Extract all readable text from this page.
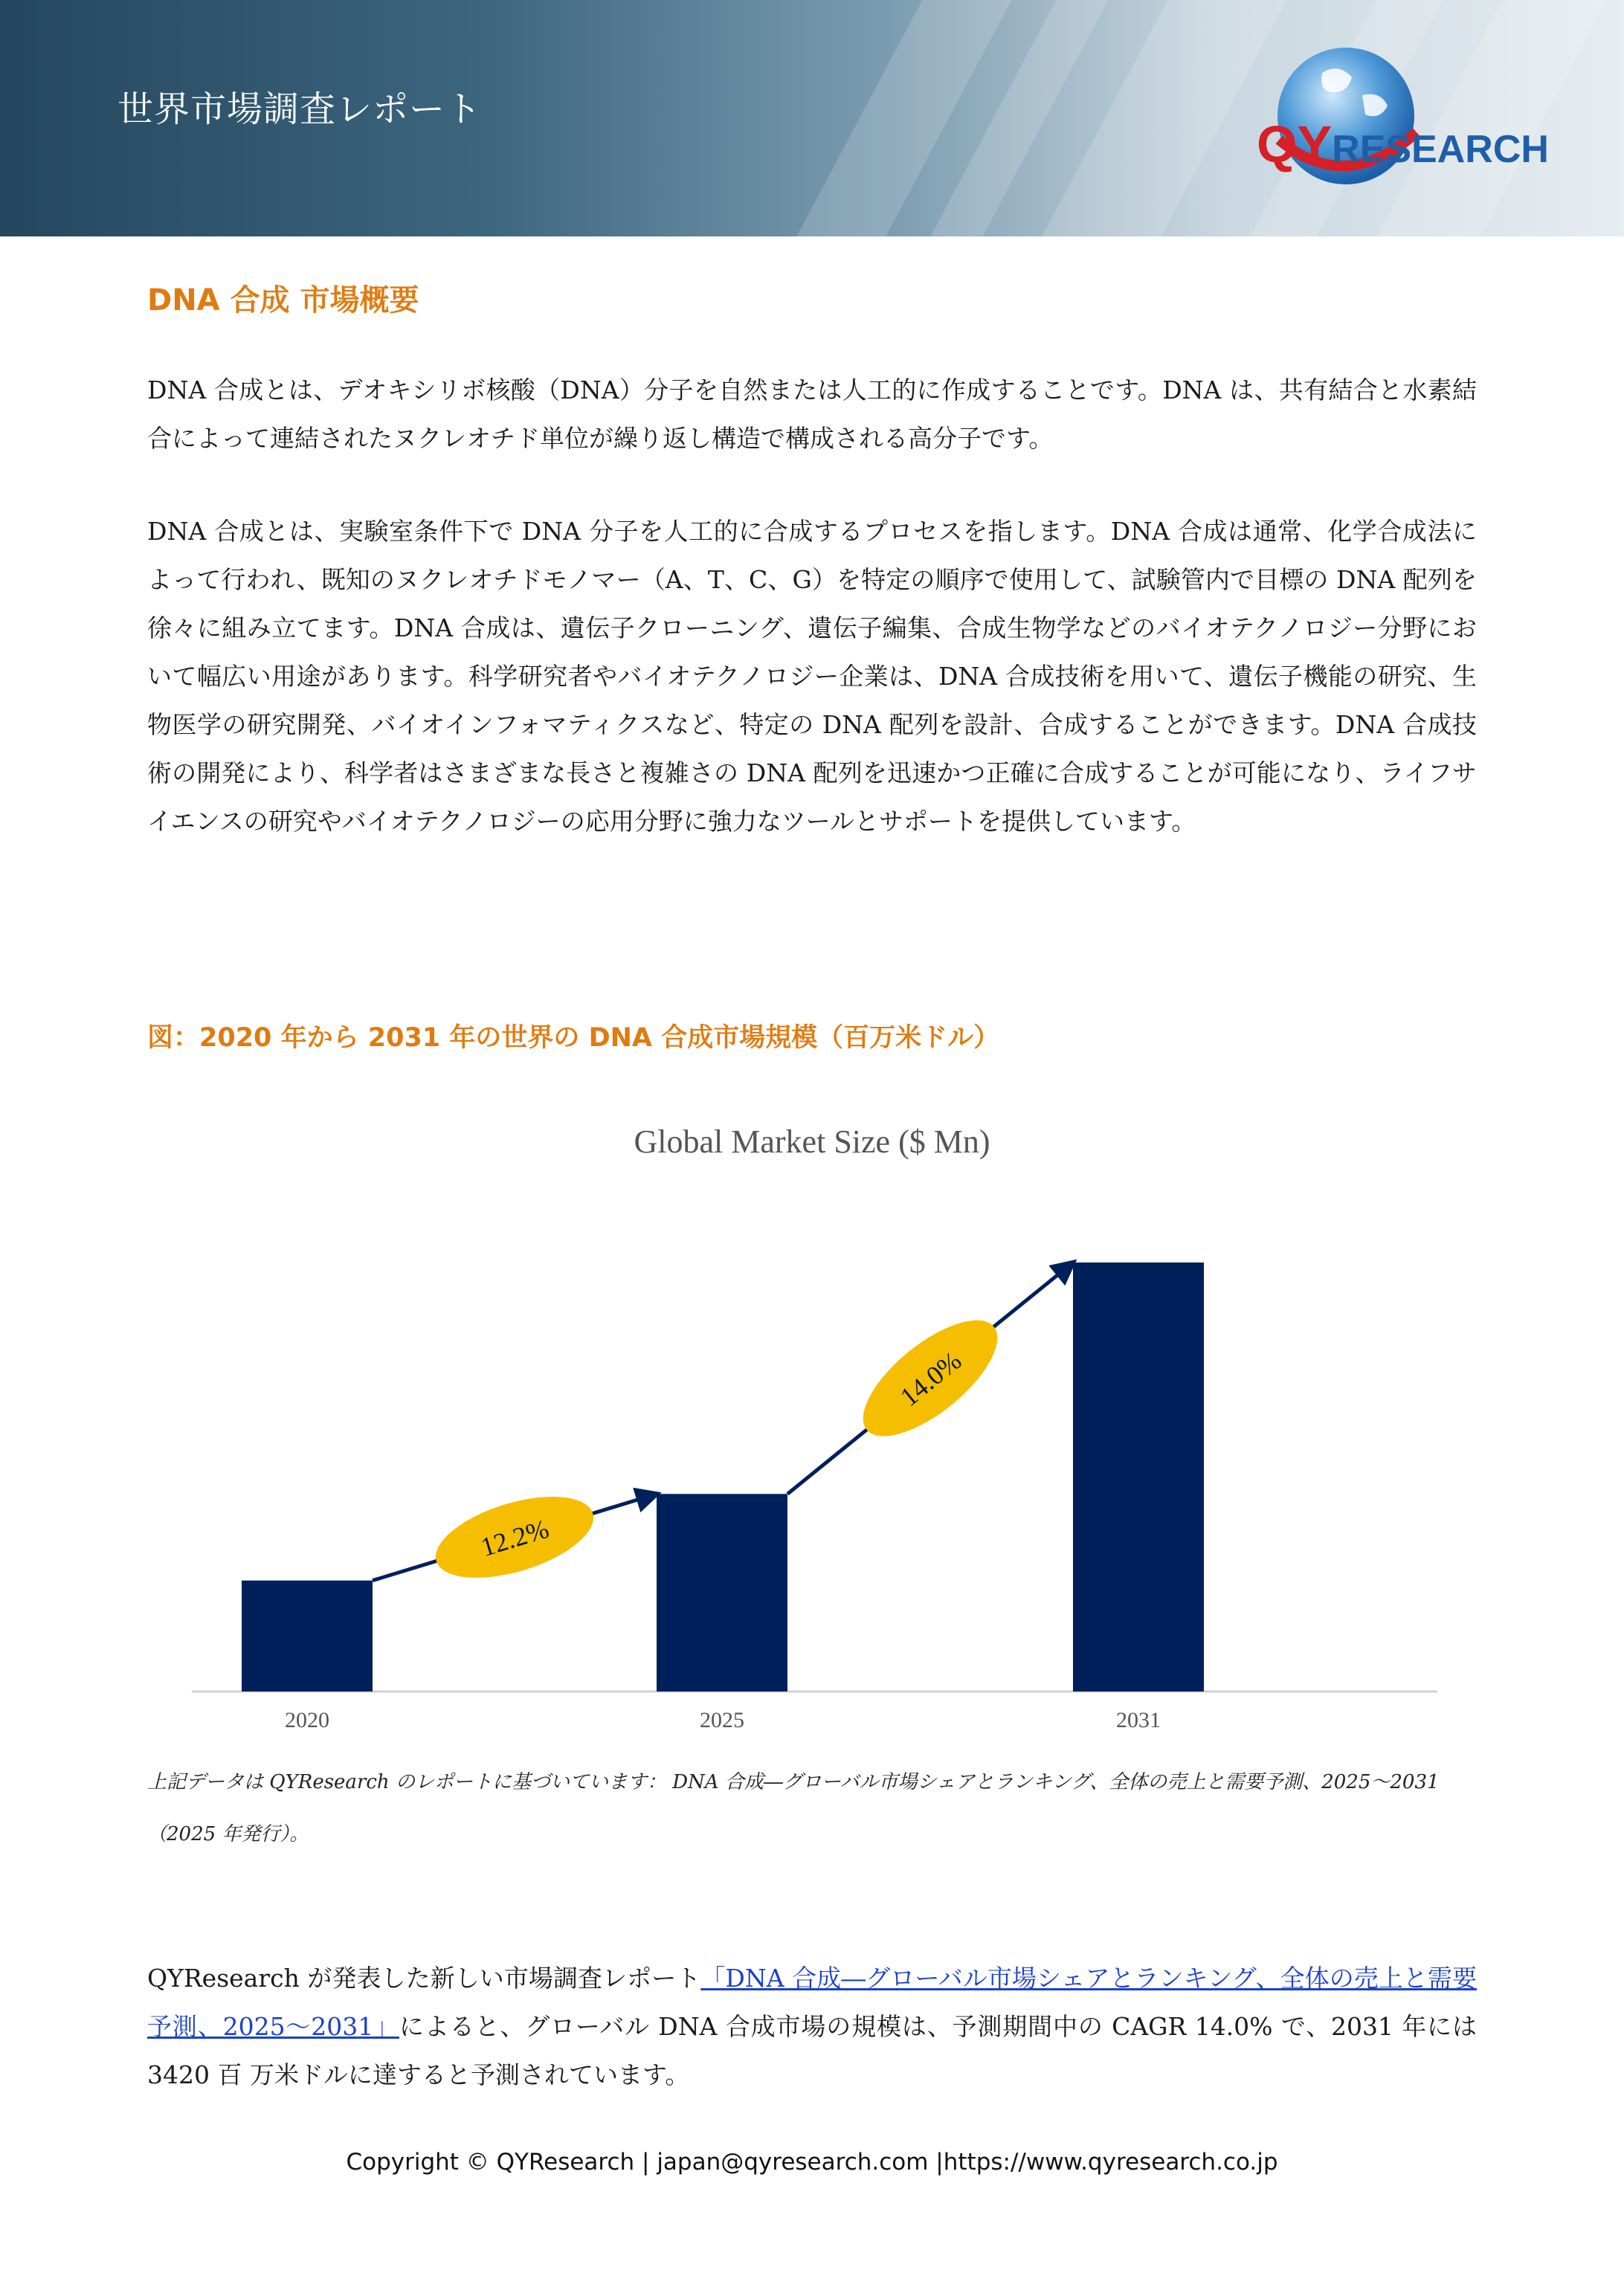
世界市場調査レポート
QYRESEARCH
DNA 合成 市場概要

DNA 合成とは、デオキシリボ核酸（DNA）分子を自然または人工的に作成することです。DNA は、共有結合と水素結合によって連結されたヌクレオチド単位が繰り返し構造で構成される高分子です。

DNA 合成とは、実験室条件下で DNA 分子を人工的に合成するプロセスを指します。DNA 合成は通常、化学合成法によって行われ、既知のヌクレオチドモノマー（A、T、C、G）を特定の順序で使用して、試験管内で目標の DNA 配列を徐々に組み立てます。DNA 合成は、遺伝子クローニング、遺伝子編集、合成生物学などのバイオテクノロジー分野において幅広い用途があります。科学研究者やバイオテクノロジー企業は、DNA 合成技術を用いて、遺伝子機能の研究、生物医学の研究開発、バイオインフォマティクスなど、特定の DNA 配列を設計、合成することができます。DNA 合成技術の開発により、科学者はさまざまな長さと複雑さの DNA 配列を迅速かつ正確に合成することが可能になり、ライフサイエンスの研究やバイオテクノロジーの応用分野に強力なツールとサポートを提供しています。

図：2020 年から 2031 年の世界の DNA 合成市場規模（百万米ドル）
Global Market Size ($ Mn)
2020	2025	2031
12.2%
14.0%

上記データは QYResearch のレポートに基づいています： DNA 合成―グローバル市場シェアとランキング、全体の売上と需要予測、2025～2031（2025 年発行）。

QYResearch が発表した新しい市場調査レポート「DNA 合成―グローバル市場シェアとランキング、全体の売上と需要予測、2025～2031」によると、グローバル DNA 合成市場の規模は、予測期間中の CAGR 14.0% で、2031 年には 3420 百 万米ドルに達すると予測されています。

Copyright © QYResearch | japan@qyresearch.com |https://www.qyresearch.co.jp
